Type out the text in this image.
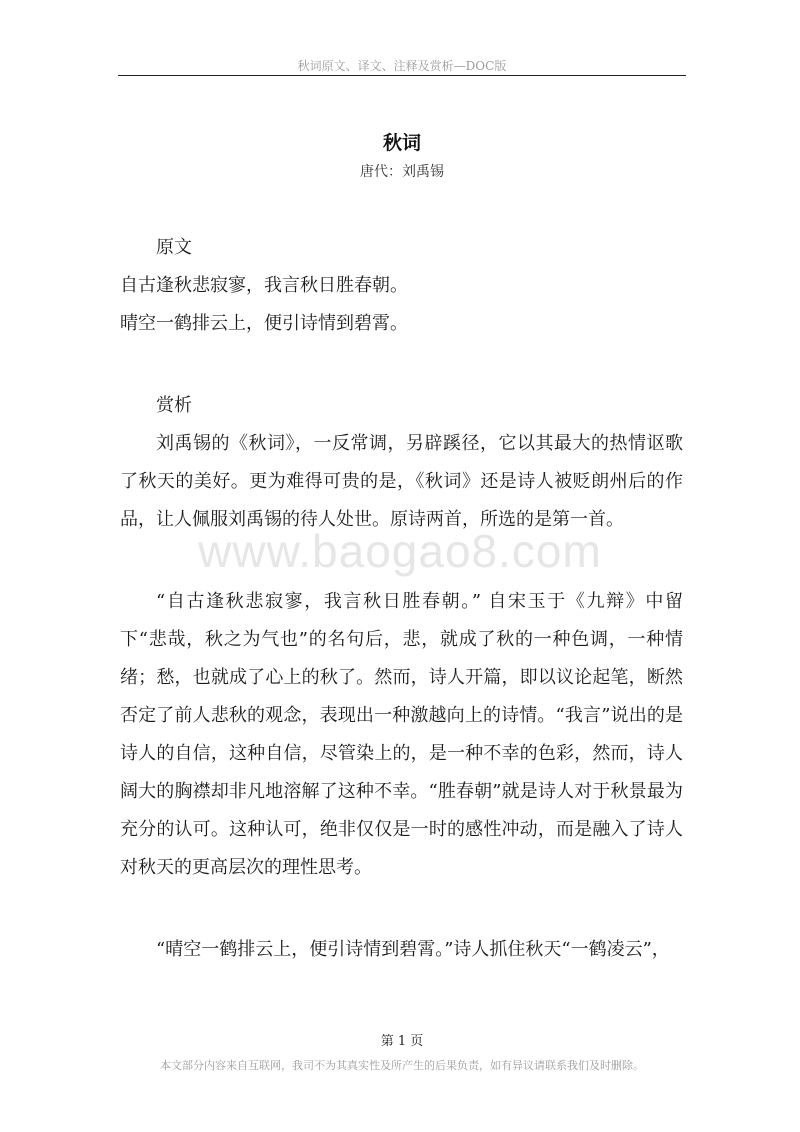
秋词原文、译文、注释及赏析—DOC版
秋词
唐代：刘禹锡
www.baogao8.com

原文

自古逢秋悲寂寥，我言秋日胜春朝。

晴空一鹤排云上，便引诗情到碧霄。

赏析

刘禹锡的《秋词》，一反常调，另辟蹊径，它以其最大的热情讴歌了秋天的美好。更为难得可贵的是，《秋词》还是诗人被贬朗州后的作品，让人佩服刘禹锡的待人处世。原诗两首，所选的是第一首。

“自古逢秋悲寂寥，我言秋日胜春朝。” 自宋玉于《九辩》中留下“悲哉，秋之为气也”的名句后，悲，就成了秋的一种色调，一种情绪；愁，也就成了心上的秋了。然而，诗人开篇，即以议论起笔，断然否定了前人悲秋的观念，表现出一种激越向上的诗情。“我言”说出的是诗人的自信，这种自信，尽管染上的，是一种不幸的色彩，然而，诗人阔大的胸襟却非凡地溶解了这种不幸。“胜春朝”就是诗人对于秋景最为充分的认可。这种认可，绝非仅仅是一时的感性冲动，而是融入了诗人对秋天的更高层次的理性思考。

“晴空一鹤排云上，便引诗情到碧霄。”诗人抓住秋天“一鹤凌云”，

第 1 页
本文部分内容来自互联网，我司不为其真实性及所产生的后果负责，如有异议请联系我们及时删除。
